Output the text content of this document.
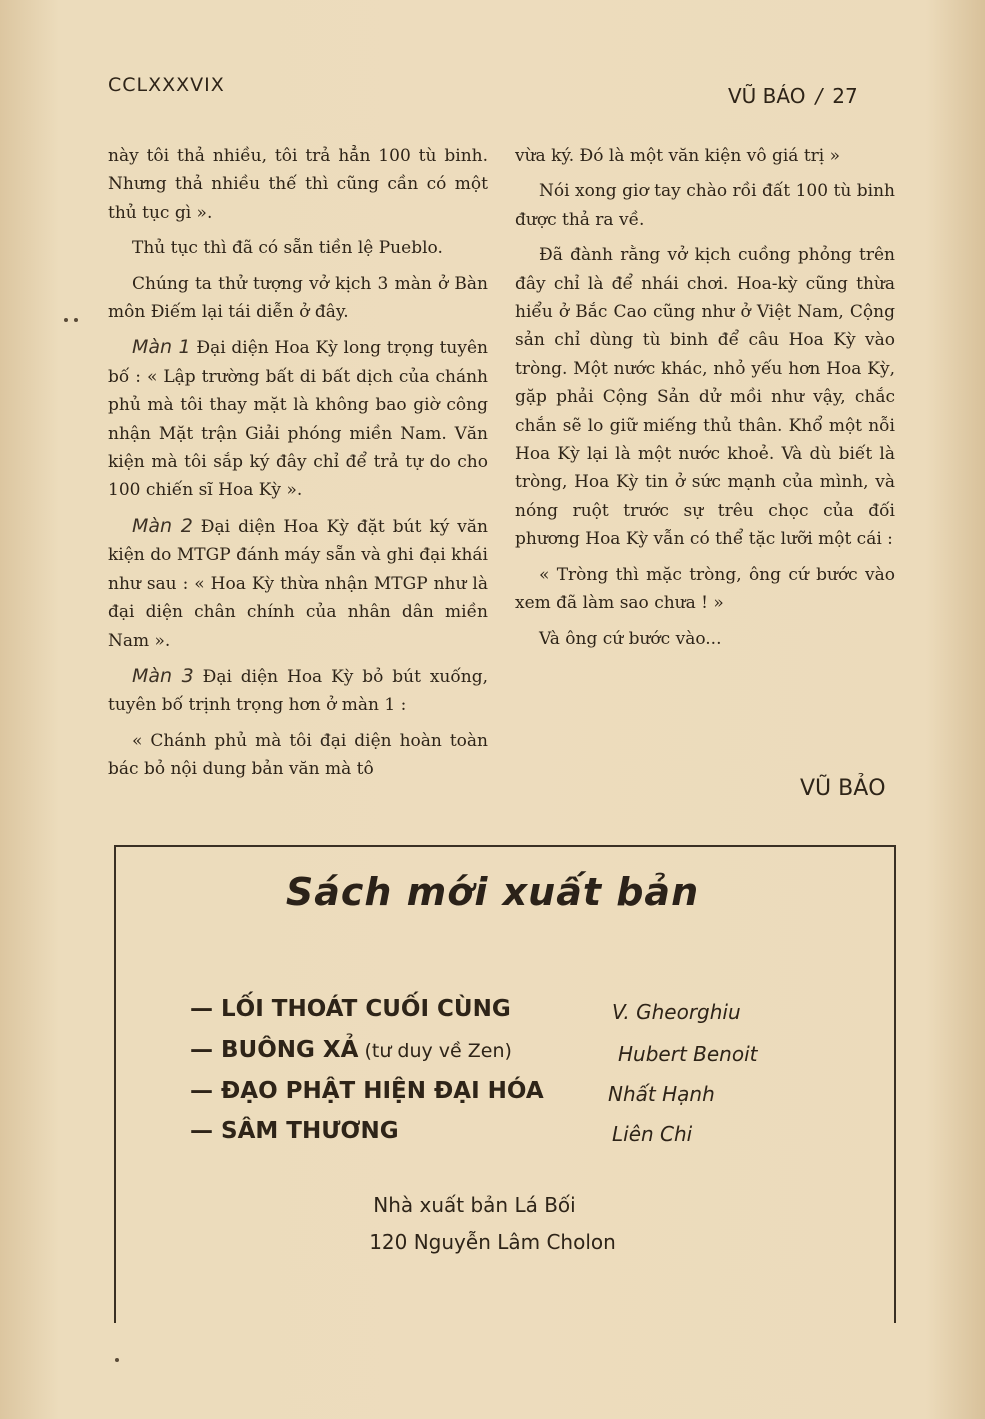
CCLXXXVIX	VŨ BÁO / 27

này tôi thả nhiều, tôi trả hẳn 100 tù binh. Nhưng thả nhiều thế thì cũng cần có một thủ tục gì ».

Thủ tục thì đã có sẵn tiền lệ Pueblo.

Chúng ta thử tượng vở kịch 3 màn ở Bàn môn Điếm lại tái diễn ở đây.

Màn 1 Đại diện Hoa Kỳ long trọng tuyên bố : « Lập trường bất di bất dịch của chánh phủ mà tôi thay mặt là không bao giờ công nhận Mặt trận Giải phóng miền Nam. Văn kiện mà tôi sắp ký đây chỉ để trả tự do cho 100 chiến sĩ Hoa Kỳ ».

Màn 2 Đại diện Hoa Kỳ đặt bút ký văn kiện do MTGP đánh máy sẵn và ghi đại khái như sau : « Hoa Kỳ thừa nhận MTGP như là đại diện chân chính của nhân dân miền Nam ».

Màn 3 Đại diện Hoa Kỳ bỏ bút xuống, tuyên bố trịnh trọng hơn ở màn 1 :

« Chánh phủ mà tôi đại diện hoàn toàn bác bỏ nội dung bản văn mà tô

vừa ký. Đó là một văn kiện vô giá trị »

Nói xong giơ tay chào rồi đất 100 tù binh được thả ra về.

Đã đành rằng vở kịch cuồng phỏng trên đây chỉ là để nhái chơi. Hoa-kỳ cũng thừa hiểu ở Bắc Cao cũng như ở Việt Nam, Cộng sản chỉ dùng tù binh để câu Hoa Kỳ vào tròng. Một nước khác, nhỏ yếu hơn Hoa Kỳ, gặp phải Cộng Sản dử mồi như vậy, chắc chắn sẽ lo giữ miếng thủ thân. Khổ một nỗi Hoa Kỳ lại là một nước khoẻ. Và dù biết là tròng, Hoa Kỳ tin ở sức mạnh của mình, và nóng ruột trước sự trêu chọc của đối phương Hoa Kỳ vẫn có thể tặc lưỡi một cái :

« Tròng thì mặc tròng, ông cứ bước vào xem đã làm sao chưa ! »

Và ông cứ bước vào...

VŨ BẢO
Sách mới xuất bản
— LỐI THOÁT CUỐI CÙNG	V. Gheorghiu
— BUÔNG XẢ (tư duy về Zen)	Hubert Benoit
— ĐẠO PHẬT HIỆN ĐẠI HÓA	Nhất Hạnh
— SÂM THƯƠNG	Liên Chi
Nhà xuất bản Lá Bối
120 Nguyễn Lâm Cholon
